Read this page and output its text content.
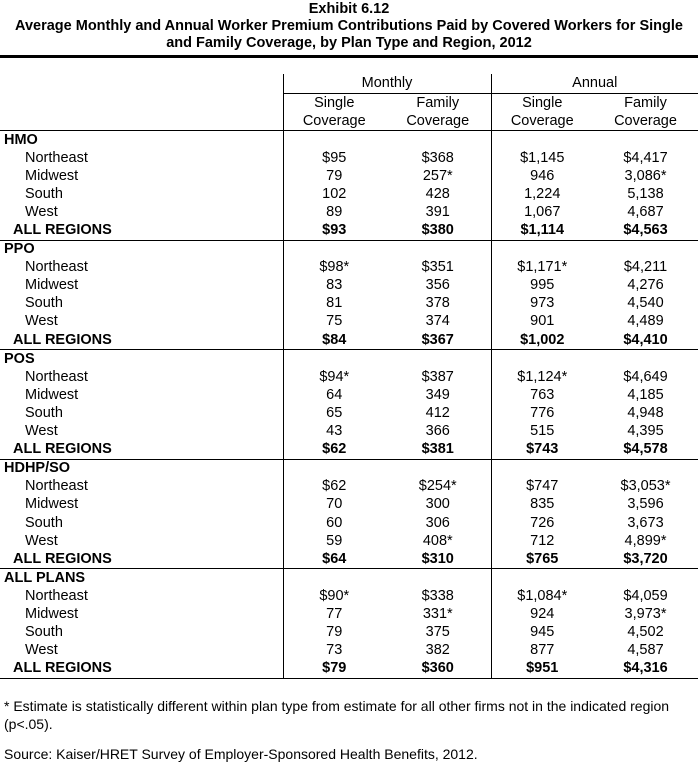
Exhibit 6.12
Average Monthly and Annual Worker Premium Contributions Paid by Covered Workers for Single and Family Coverage, by Plan Type and Region, 2012
	Monthly		Annual	
	Single	Family	Single	Family
	Coverage	Coverage	Coverage	Coverage
HMO				
Northeast	$95	$368	$1,145	$4,417
Midwest	79	257*	946	3,086*
South	102	428	1,224	5,138
West	89	391	1,067	4,687
ALL REGIONS	$93	$380	$1,114	$4,563
PPO				
Northeast	$98*	$351	$1,171*	$4,211
Midwest	83	356	995	4,276
South	81	378	973	4,540
West	75	374	901	4,489
ALL REGIONS	$84	$367	$1,002	$4,410
POS				
Northeast	$94*	$387	$1,124*	$4,649
Midwest	64	349	763	4,185
South	65	412	776	4,948
West	43	366	515	4,395
ALL REGIONS	$62	$381	$743	$4,578
HDHP/SO				
Northeast	$62	$254*	$747	$3,053*
Midwest	70	300	835	3,596
South	60	306	726	3,673
West	59	408*	712	4,899*
ALL REGIONS	$64	$310	$765	$3,720
ALL PLANS				
Northeast	$90*	$338	$1,084*	$4,059
Midwest	77	331*	924	3,973*
South	79	375	945	4,502
West	73	382	877	4,587
ALL REGIONS	$79	$360	$951	$4,316
* Estimate is statistically different within plan type from estimate for all other firms not in the indicated region (p<.05).
Source: Kaiser/HRET Survey of Employer-Sponsored Health Benefits, 2012.
